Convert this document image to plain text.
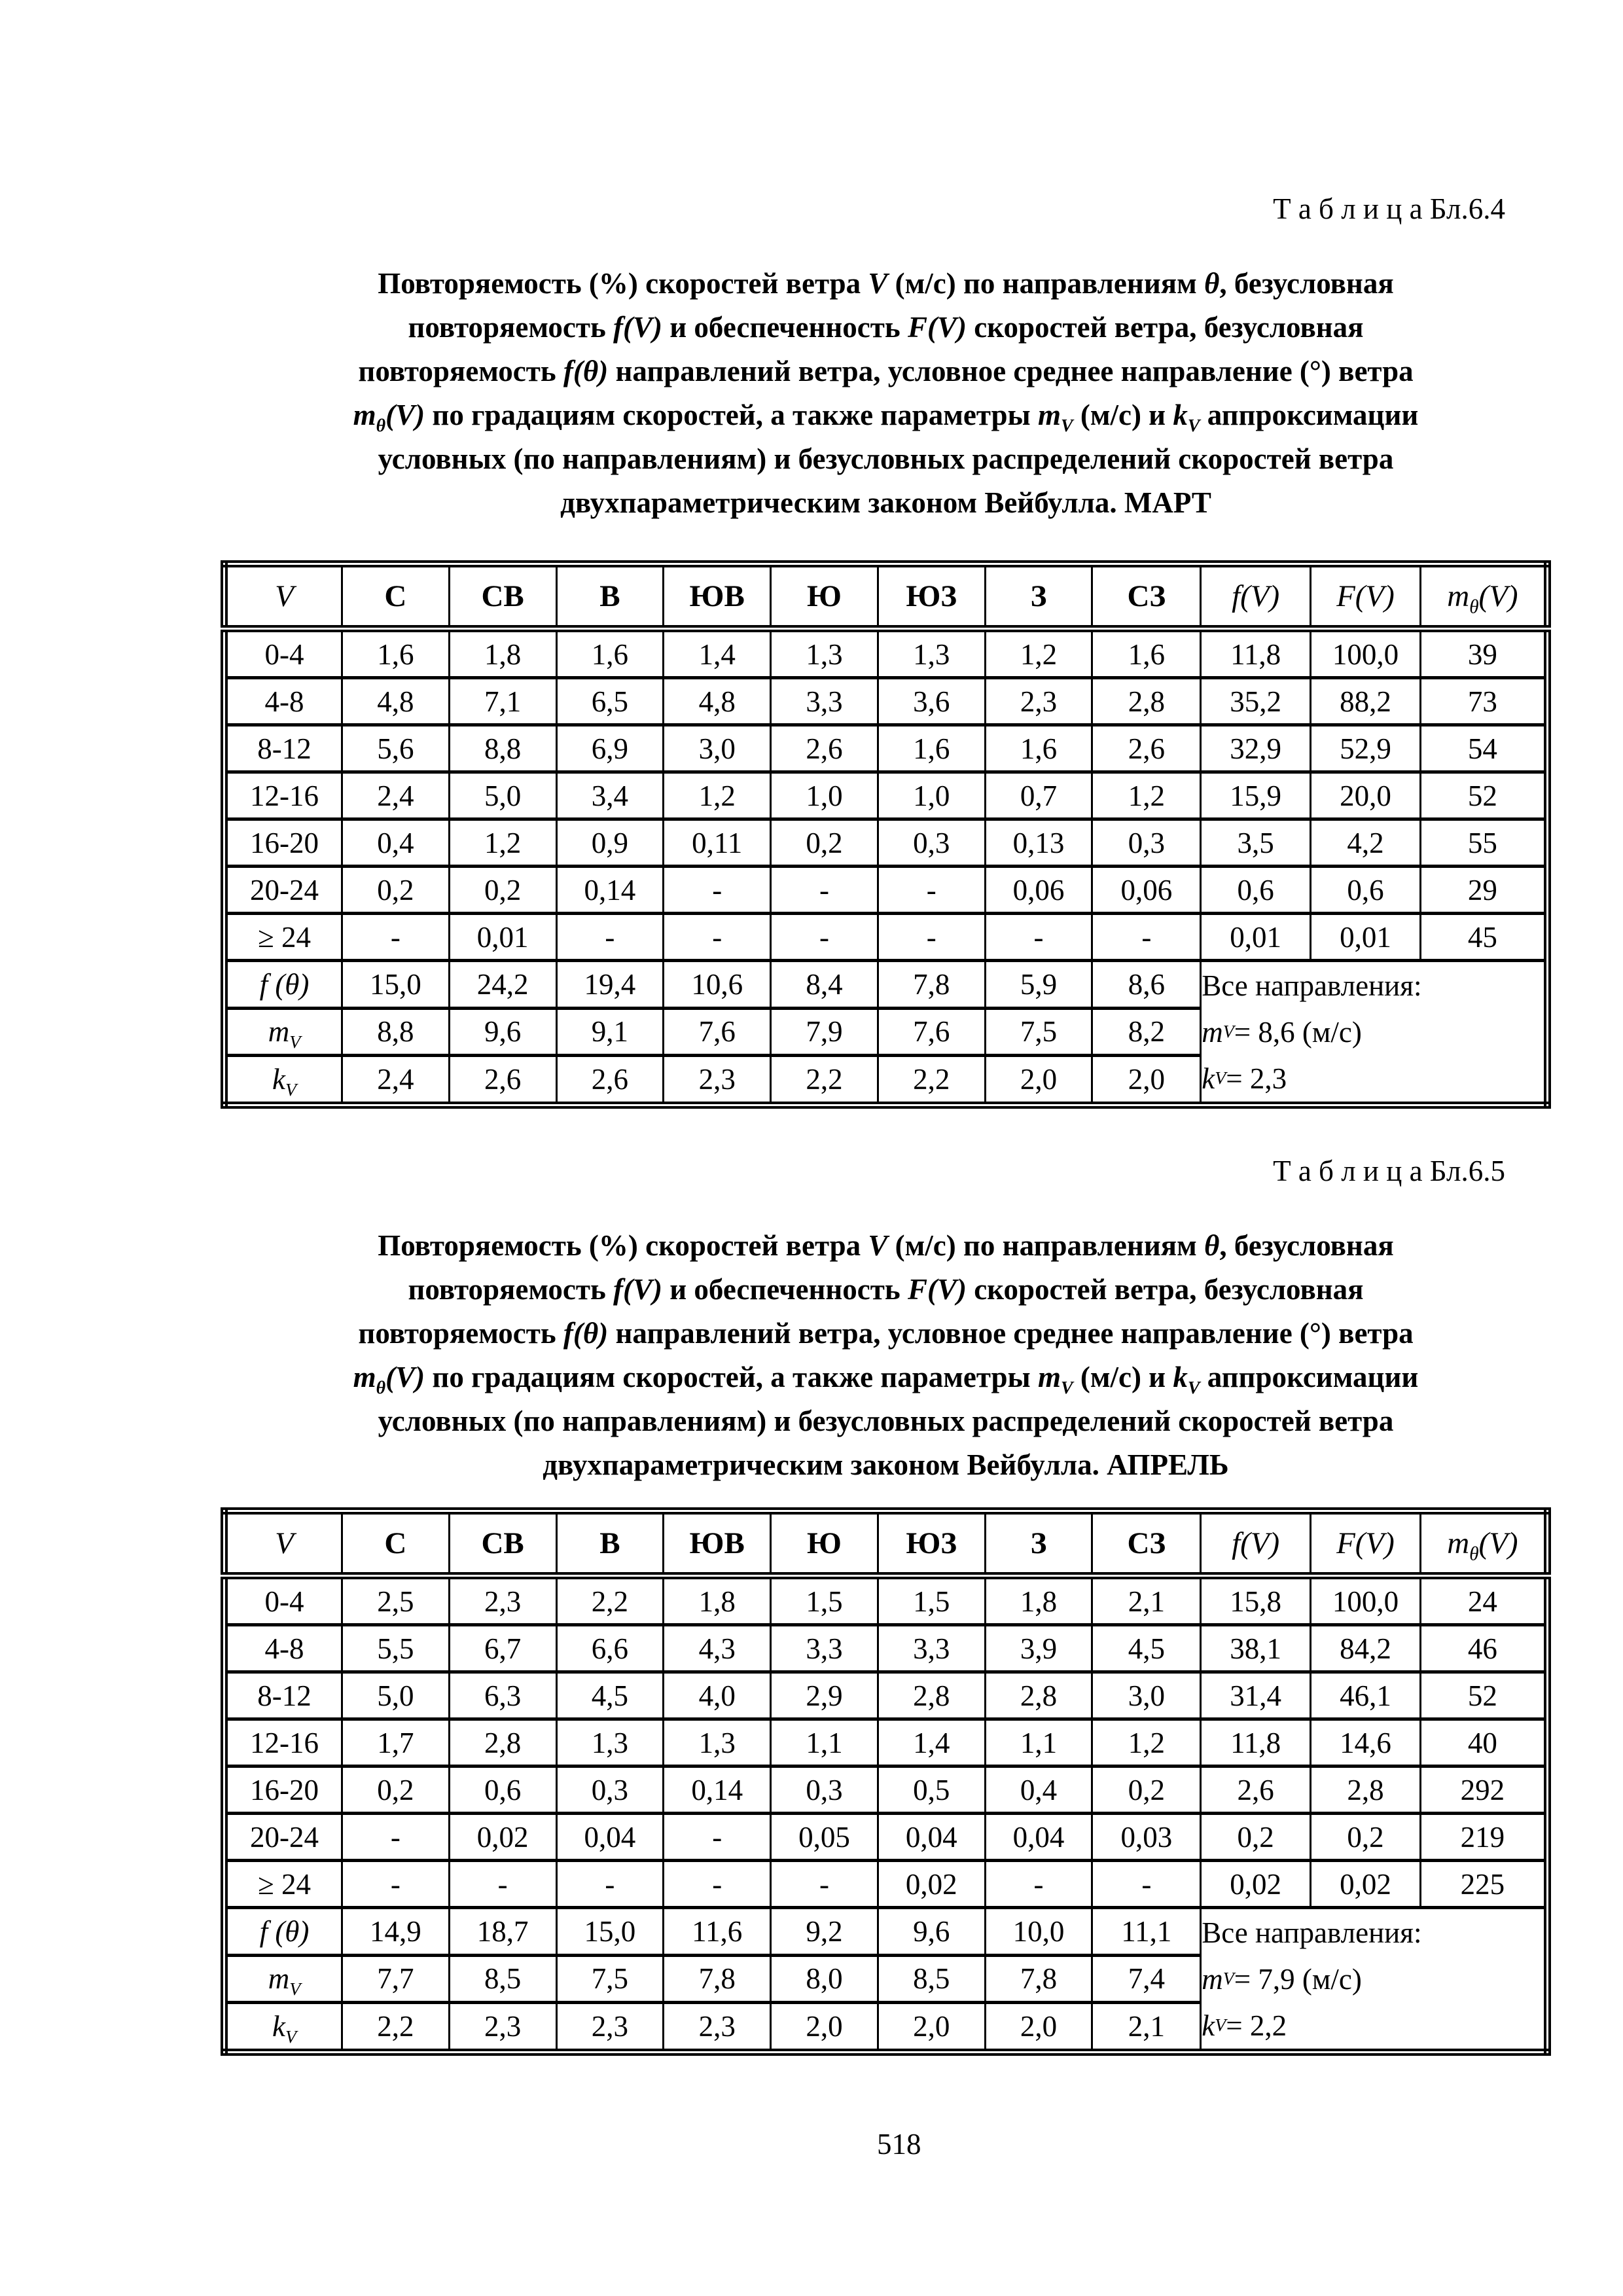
Т а б л и ц а Бл.6.4
Повторяемость (%) скоростей ветра V (м/с) по направлениям θ, безусловная
повторяемость f(V) и обеспеченность F(V) скоростей ветра, безусловная
повторяемость f(θ) направлений ветра, условное среднее направление (°) ветра
$m_\theta(V)$ по градациям скоростей, а также параметры $m_V$ (м/с) и $k_V$ аппроксимации
условных (по направлениям) и безусловных распределений скоростей ветра
двухпараметрическим законом Вейбулла. МАРТ
V	С	СВ	В	ЮВ	Ю	ЮЗ	З	СЗ	f(V)	F(V)	$m_\theta(V)$
0-4	1,6	1,8	1,6	1,4	1,3	1,3	1,2	1,6	11,8	100,0	39
4-8	4,8	7,1	6,5	4,8	3,3	3,6	2,3	2,8	35,2	88,2	73
8-12	5,6	8,8	6,9	3,0	2,6	1,6	1,6	2,6	32,9	52,9	54
12-16	2,4	5,0	3,4	1,2	1,0	1,0	0,7	1,2	15,9	20,0	52
16-20	0,4	1,2	0,9	0,11	0,2	0,3	0,13	0,3	3,5	4,2	55
20-24	0,2	0,2	0,14	-	-	-	0,06	0,06	0,6	0,6	29
≥ 24	-	0,01	-	-	-	-	-	-	0,01	0,01	45
f (θ)	15,0	24,2	19,4	10,6	8,4	7,8	5,9	8,6	Все направления:
m V = 8,6 (м/с)
k V = 2,3

$m_V$	8,8	9,6	9,1	7,6	7,9	7,6	7,5	8,2			
$k_V$	2,4	2,6	2,6	2,3	2,2	2,2	2,0	2,0			
Т а б л и ц а Бл.6.5
Повторяемость (%) скоростей ветра V (м/с) по направлениям θ, безусловная
повторяемость f(V) и обеспеченность F(V) скоростей ветра, безусловная
повторяемость f(θ) направлений ветра, условное среднее направление (°) ветра
$m_\theta(V)$ по градациям скоростей, а также параметры $m_V$ (м/с) и $k_V$ аппроксимации
условных (по направлениям) и безусловных распределений скоростей ветра
двухпараметрическим законом Вейбулла. АПРЕЛЬ
V	С	СВ	В	ЮВ	Ю	ЮЗ	З	СЗ	f(V)	F(V)	$m_\theta(V)$
0-4	2,5	2,3	2,2	1,8	1,5	1,5	1,8	2,1	15,8	100,0	24
4-8	5,5	6,7	6,6	4,3	3,3	3,3	3,9	4,5	38,1	84,2	46
8-12	5,0	6,3	4,5	4,0	2,9	2,8	2,8	3,0	31,4	46,1	52
12-16	1,7	2,8	1,3	1,3	1,1	1,4	1,1	1,2	11,8	14,6	40
16-20	0,2	0,6	0,3	0,14	0,3	0,5	0,4	0,2	2,6	2,8	292
20-24	-	0,02	0,04	-	0,05	0,04	0,04	0,03	0,2	0,2	219
≥ 24	-	-	-	-	-	0,02	-	-	0,02	0,02	225
f (θ)	14,9	18,7	15,0	11,6	9,2	9,6	10,0	11,1	Все направления:
m V = 7,9 (м/с)
k V = 2,2

$m_V$	7,7	8,5	7,5	7,8	8,0	8,5	7,8	7,4			
$k_V$	2,2	2,3	2,3	2,3	2,0	2,0	2,0	2,1			
518
